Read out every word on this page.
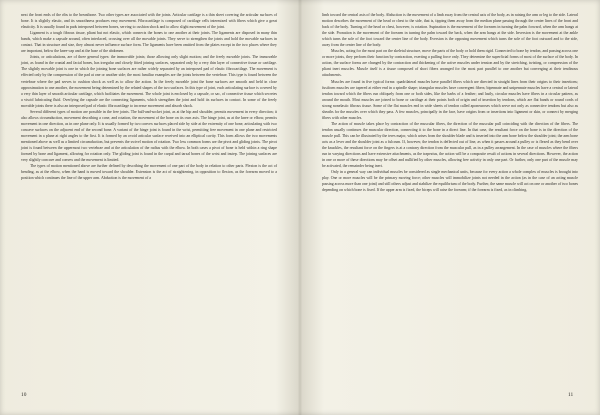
next the front ends of the ribs to the breastbone. Two other types are associated with the joints. Articular cartilage is a thin sheet covering the articular surfaces of bone. It is slightly elastic, and its smoothness produces easy movement. Fibrocartilage is composed of cartilage cells intermixed with fibers which give a great elasticity. It is usually found in pads interposed between bones, serving to cushion shock and to allow slight movement of the joint.

Ligament is a tough fibrous tissue, pliant but not elastic, which connects the bones to one another at their joints. The ligaments are disposed in many thin bands, which make a capsule around, often interlaced, crossing over all the movable joints. They serve to strengthen the joints and hold the movable surfaces in contact. That in structure and size, they almost never influence surface form. The ligaments have been omitted from the plates except in the two places where they are important, below the knee-cap and at the base of the abdomen.

Joints, or articulations, are of three general types: the immovable joints; those allowing only slight motion; and the freely movable joints. The immovable joint, as found in the cranial and facial bones, has irregular and closely fitted joining surfaces, separated only by a very thin layer of connective tissue or cartilage. The slightly movable joint is one in which the joining bone surfaces are rather widely separated by an interposed pad of elastic fibrocartilage. The movement is effected only by the compression of the pad at one or another side; the most familiar examples are the joints between the vertebrae. This type is found between the vertebrae where the pad serves to cushion shock as well as to allow the action. In the freely movable joint the bone surfaces are smooth and held in close approximation to one another, the movement being determined by the related shapes of the two surfaces. In this type of joint, each articulating surface is covered by a very thin layer of smooth articular cartilage, which facilitates the movement. The whole joint is enclosed by a capsule, or sac, of connective tissue which secretes a viscid lubricating fluid. Overlying the capsule are the connecting ligaments, which strengthen the joint and hold its surfaces in contact. In some of the freely movable joints there is also an interposed pad of elastic fibrocartilage to increase movement and absorb shock.

Several different types of motion are possible in the free joints. The ball-and-socket joint, as at the hip and shoulder, permits movement in every direction; it also allows circumduction, movement describing a cone, and rotation, the movement of the bone on its own axis. The hinge joint, as at the knee or elbow, permits movement in one direction, as in one plane only. It is usually formed by two convex surfaces placed side by side at the extremity of one bone, articulating with two concave surfaces on the adjacent end of the second bone. A variant of the hinge joint is found in the wrist, permitting free movement in one plane and restricted movement in a plane at right angles to the first. It is formed by an ovoid articular surface received into an elliptical cavity. This form allows the two movements mentioned above as well as a limited circumduction, but prevents the swivel motion of rotation. Two less common forms are the pivot and gliding joints. The pivot joint is found between the uppermost two vertebrae and at the articulation of the radius with the elbow. In both cases a pivot of bone is held within a ring shape formed by bone and ligament, allowing for rotation only. The gliding joint is found in the carpal and tarsal bones of the wrist and instep. The joining surfaces are very slightly concave and convex and the movement is limited.

The types of motion mentioned above are further defined by describing the movement of one part of the body in relation to other parts. Flexion is the act of bending, as at the elbow, when the hand is moved toward the shoulder. Extension is the act of straightening, in opposition to flexion, as the forearm moved to a position which continues the line of the upper arm. Abduction is the movement of a

limb toward the central axis of the body. Abduction is the movement of a limb away from the central axis of the body, as in raising the arm or leg to the side. Lateral motion describes the movement of the head or chest to the side, that is, tipping them away from the median plane passing through the center lines of the front and back of the body. Turning of the head or chest, however, is rotation. Supination is the movement of the forearm in turning the palm forward, when the arm hangs at the side. Pronation is the movement of the forearm in turning the palm toward the back, when the arm hangs at the side. Inversion is the movement at the ankle which turns the sole of the foot toward the center line of the body. Eversion is the opposing movement which turns the sole of the foot outward and to the side, away from the center line of the body.

Muscles, acting for the most part on the skeletal structure, move the parts of the body or hold them rigid. Connected to bone by tendon, and passing across one or more joints, they perform their function by contraction, exerting a pulling force only. They determine the superficial forms of most of the surface of the body. In action, the surface forms are changed by the contraction and thickening of the active muscles under tension and by the stretching, twisting, or compression of the pliant inert muscles. Muscle itself is a tissue composed of short fibers arranged for the most part parallel to one another but converging at their tendinous attachments.

Muscles are found in five typical forms: quadrilateral muscles have parallel fibers which are directed in straight lines from their origins to their insertions; fusiform muscles are tapered at either end in a spindle shape; triangular muscles have convergent fibers; bipennate and unipennate muscles have a central or lateral tendon toward which the fibers run obliquely from one or both sides, like the barbs of a feather; and lastly, circular muscles have fibers in a circular pattern, as around the mouth. Most muscles are joined to bone or cartilage at their points both of origin and of insertion by tendons, which are flat bands or round cords of strong nonelastic fibrous tissue. Some of the flat muscles end in wide sheets of tendon called aponeuroses which serve not only as connective tendons but also as sheaths for the muscles over which they pass. A few muscles, principally in the face, have origins from or insertions into ligament or skin, or connect by merging fibers with other muscles.

The action of muscle takes place by contraction of the muscular fibers, the direction of the muscular pull coinciding with the direction of the fibers. The tendon usually continues the muscular direction, connecting it to the bone in a direct line. In that case, the resultant force on the bone is in the direction of the muscle pull. This can be illustrated by the teres major, which arises from the shoulder blade and is inserted into the arm bone below the shoulder joint; the arm bone acts as a lever and the shoulder joint as a fulcrum. If, however, the tendon is deflected out of line, as when it passes around a pulley or is flexed as they bend over the knuckles, the resultant force on the fingers is at a contrary direction from the muscular pull, as in a pulley arrangement. In the case of muscles where the fibers run in varying directions and have extensive attachments, as the trapezius, the action will be a composite result of actions in several directions. However, the action in one or more of these directions may be offset and nullified by other muscles, allowing free activity in only one part. Or further, only one part of the muscle may be activated, the remainder being inert.

Only in a general way can individual muscles be considered as single mechanical units, because for every action a whole complex of muscles is brought into play. One or more muscles will be the primary moving force; other muscles will immobilize joints not needed in the action (as in the case of an acting muscle passing across more than one joint) and still others adjust and stabilize the equilibrium of the body. Further, the same muscle will act on one or another of two bones depending on which bone is fixed. If the upper arm is fixed, the biceps will raise the forearm; if the forearm is fixed, as in climbing,

10	11
